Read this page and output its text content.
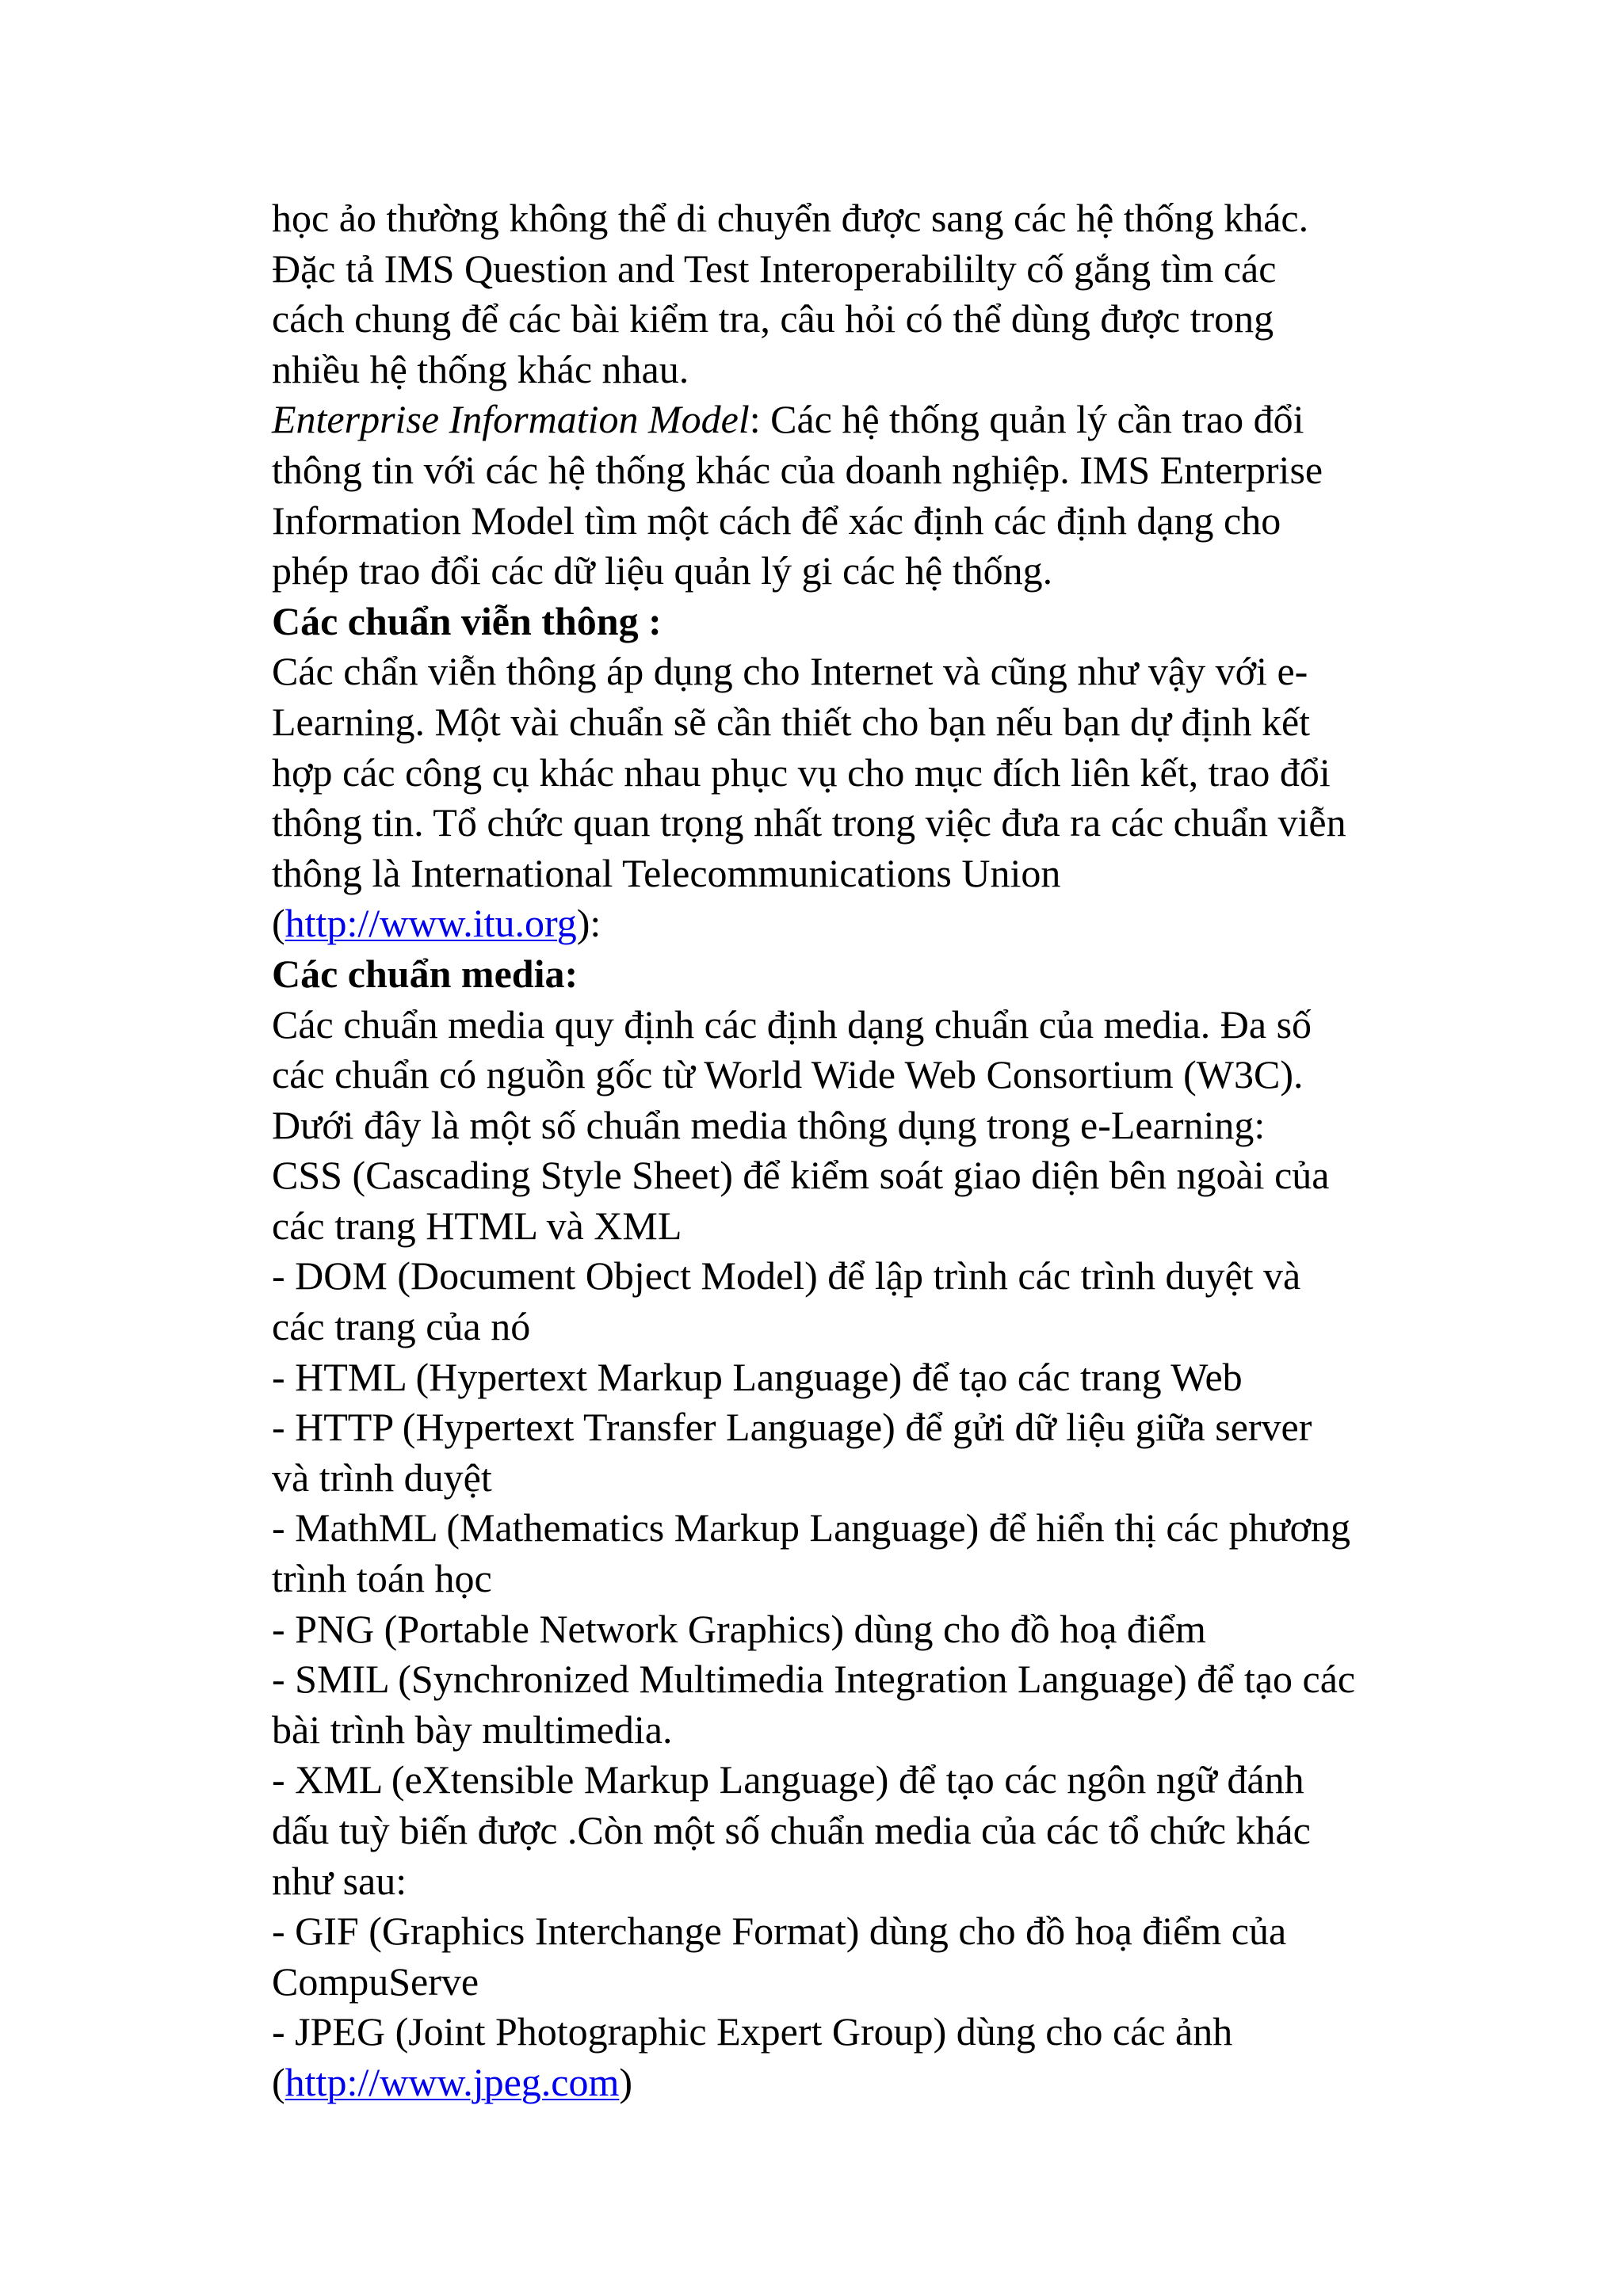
học ảo thường không thể di chuyển được sang các hệ thống khác.
Đặc tả IMS Question and Test Interoperabililty cố gắng tìm các
cách chung để các bài kiểm tra, câu hỏi có thể dùng được trong
nhiều hệ thống khác nhau.
Enterprise Information Model: Các hệ thống quản lý cần trao đổi
thông tin với các hệ thống khác của doanh nghiệp. IMS Enterprise
Information Model tìm một cách để xác định các định dạng cho
phép trao đổi các dữ liệu quản lý gi các hệ thống.
Các chuẩn viễn thông :
Các chẩn viễn thông áp dụng cho Internet và cũng như vậy với e-
Learning. Một vài chuẩn sẽ cần thiết cho bạn nếu bạn dự định kết
hợp các công cụ khác nhau phục vụ cho mục đích liên kết, trao đổi
thông tin. Tổ chức quan trọng nhất trong việc đưa ra các chuẩn viễn
thông là International Telecommunications Union
(http://www.itu.org):
Các chuẩn media:
Các chuẩn media quy định các định dạng chuẩn của media. Đa số
các chuẩn có nguồn gốc từ World Wide Web Consortium (W3C).
Dưới đây là một số chuẩn media thông dụng trong e-Learning:
CSS (Cascading Style Sheet) để kiểm soát giao diện bên ngoài của
các trang HTML và XML
- DOM (Document Object Model) để lập trình các trình duyệt và
các trang của nó
- HTML (Hypertext Markup Language) để tạo các trang Web
- HTTP (Hypertext Transfer Language) để gửi dữ liệu giữa server
và trình duyệt
- MathML (Mathematics Markup Language) để hiển thị các phương
trình toán học
- PNG (Portable Network Graphics) dùng cho đồ hoạ điểm
- SMIL (Synchronized Multimedia Integration Language) để tạo các
bài trình bày multimedia.
- XML (eXtensible Markup Language) để tạo các ngôn ngữ đánh
dấu tuỳ biến được .Còn một số chuẩn media của các tổ chức khác
như sau:
- GIF (Graphics Interchange Format) dùng cho đồ hoạ điểm của
CompuServe
- JPEG (Joint Photographic Expert Group) dùng cho các ảnh
(http://www.jpeg.com)
